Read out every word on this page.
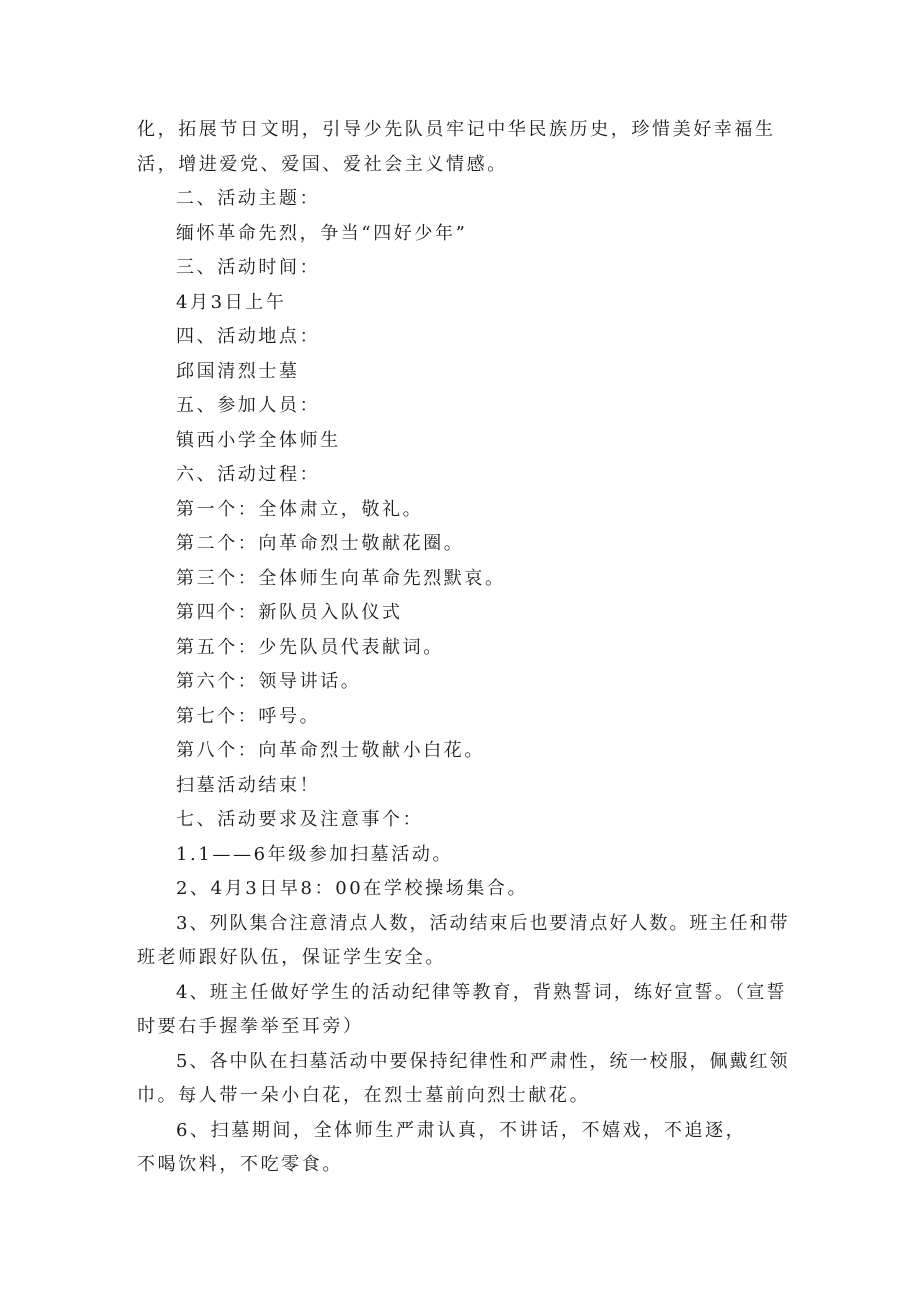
化，拓展节日文明，引导少先队员牢记中华民族历史，珍惜美好幸福生

活，增进爱党、爱国、爱社会主义情感。

二、活动主题：

缅怀革命先烈，争当“四好少年”

三、活动时间：

4月3日上午

四、活动地点：

邱国清烈士墓

五、参加人员：

镇西小学全体师生

六、活动过程：

第一个：全体肃立，敬礼。

第二个：向革命烈士敬献花圈。

第三个：全体师生向革命先烈默哀。

第四个：新队员入队仪式

第五个：少先队员代表献词。

第六个：领导讲话。

第七个：呼号。

第八个：向革命烈士敬献小白花。

扫墓活动结束！

七、活动要求及注意事个：

1.1——6年级参加扫墓活动。

2、4月3日早8：00在学校操场集合。

3、列队集合注意清点人数，活动结束后也要清点好人数。班主任和带

班老师跟好队伍，保证学生安全。

4、班主任做好学生的活动纪律等教育，背熟誓词，练好宣誓。（宣誓

时要右手握拳举至耳旁）

5、各中队在扫墓活动中要保持纪律性和严肃性，统一校服，佩戴红领

巾。每人带一朵小白花，在烈士墓前向烈士献花。

6、扫墓期间，全体师生严肃认真，不讲话，不嬉戏，不追逐，

不喝饮料，不吃零食。
